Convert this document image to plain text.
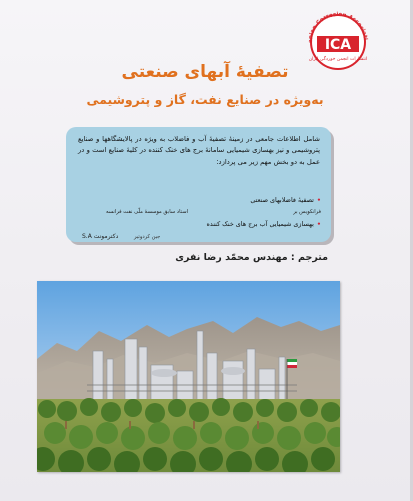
anian Corrosion Associati
ICA
انتشارات انجمن خوردگی ایران
تصفیهٔ آبهای صنعتی
به‌ویژه در صنایع نفت، گاز و پتروشیمی
شامل اطلاعات جامعی در زمینهٔ تصفیهٔ آب و فاضلاب به ویژه در پالایشگاهها و صنایع پتروشیمی و نیز بهسازی شیمیایی سامانهٔ برج های خنک کننده در کلیهٔ صنایع است و در عمل به دو بخش مهم زیر می پردازد:
•تصفیهٔ فاضلابهای صنعتی
فرانکویس بر
استاد سابق موسسهٔ ملّی نفت فرانسه
•بهسازی شیمیایی آب برج های خنک کننده
جین کردوتیر
دکترمونت S.A
مترجم : مهندس محمّد رضا نفری
